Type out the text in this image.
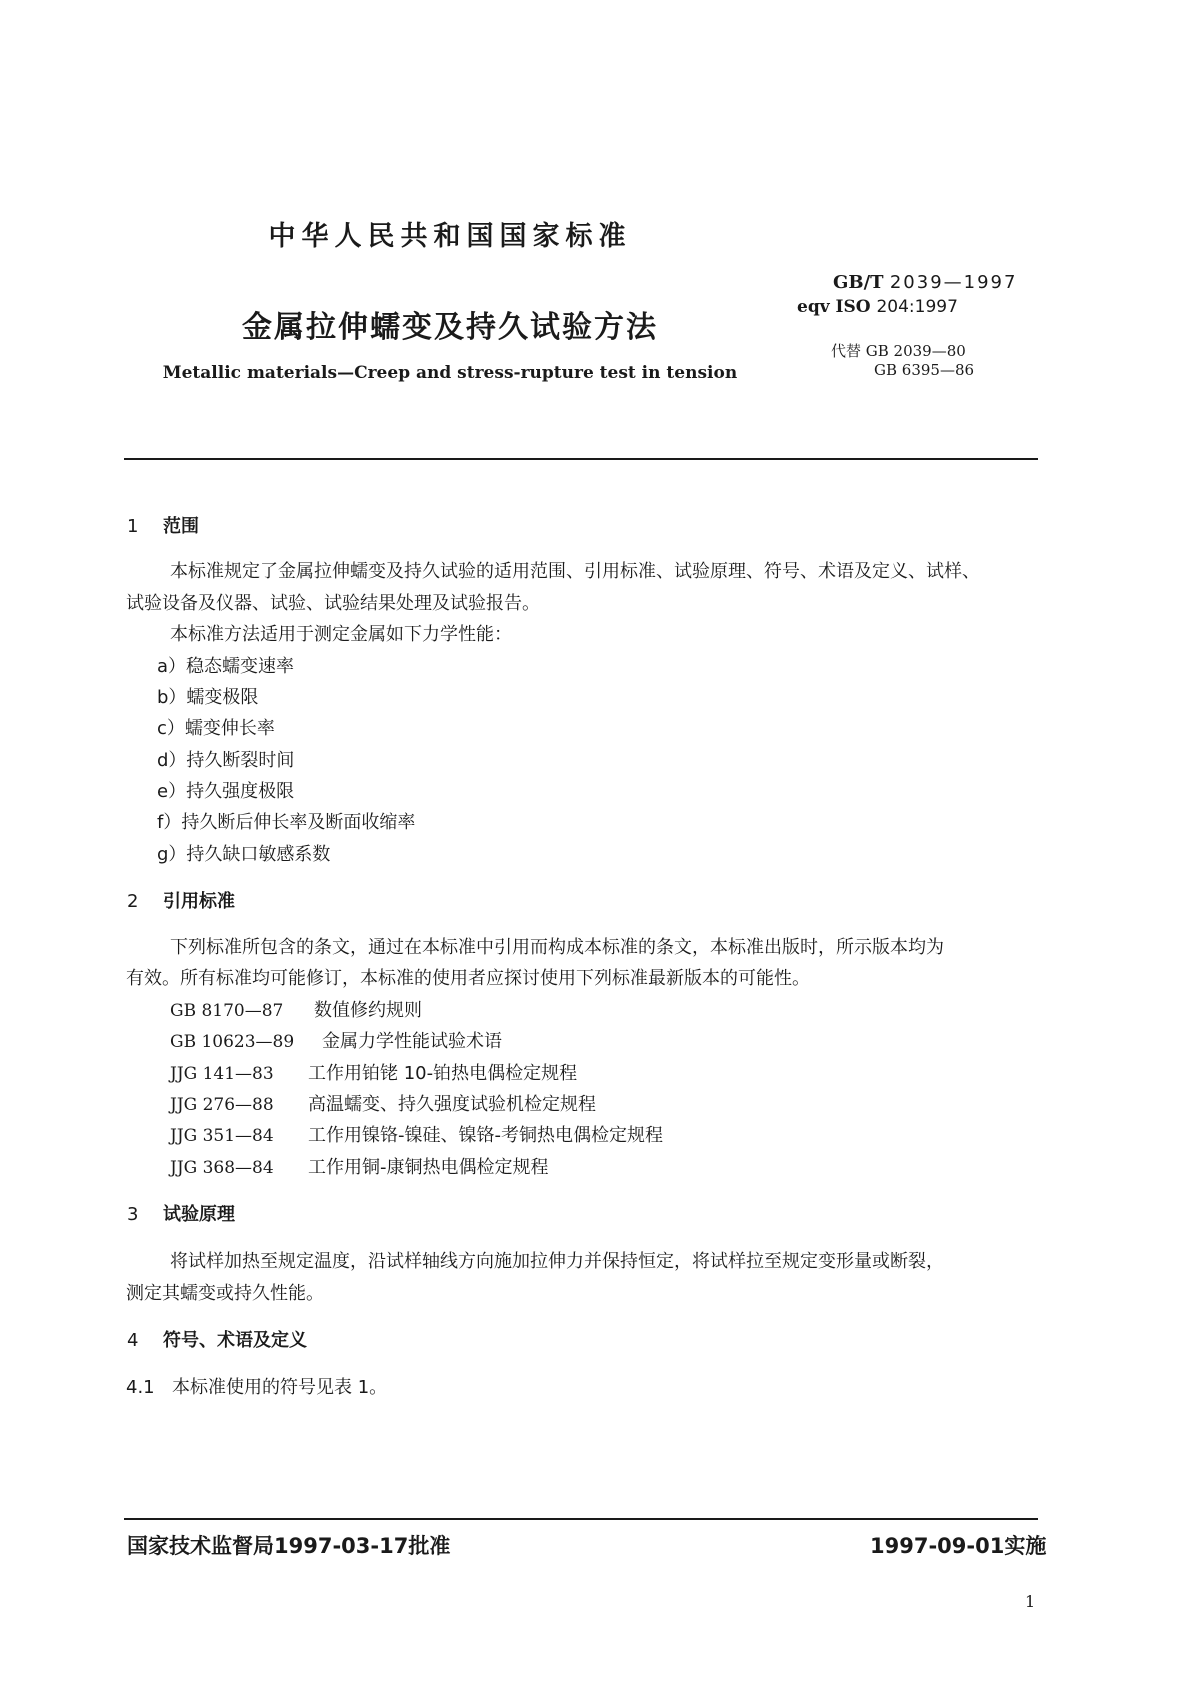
中华人民共和国国家标准
金属拉伸蠕变及持久试验方法
Metallic materials—Creep and stress-rupture test in tension
GB/T 2039—1997
eqv ISO 204:1997
代替 GB 2039—80
GB 6395—86
1 范围
本标准规定了金属拉伸蠕变及持久试验的适用范围、引用标准、试验原理、符号、术语及定义、试样、
试验设备及仪器、试验、试验结果处理及试验报告。
本标准方法适用于测定金属如下力学性能：
a）稳态蠕变速率
b）蠕变极限
c）蠕变伸长率
d）持久断裂时间
e）持久强度极限
f）持久断后伸长率及断面收缩率
g）持久缺口敏感系数
2 引用标准
下列标准所包含的条文，通过在本标准中引用而构成本标准的条文，本标准出版时，所示版本均为
有效。所有标准均可能修订，本标准的使用者应探讨使用下列标准最新版本的可能性。
GB 8170—87 数值修约规则
GB 10623—89 金属力学性能试验术语
JJG 141—83 工作用铂铑 10-铂热电偶检定规程
JJG 276—88 高温蠕变、持久强度试验机检定规程
JJG 351—84 工作用镍铬-镍硅、镍铬-考铜热电偶检定规程
JJG 368—84 工作用铜-康铜热电偶检定规程
3 试验原理
将试样加热至规定温度，沿试样轴线方向施加拉伸力并保持恒定，将试样拉至规定变形量或断裂，
测定其蠕变或持久性能。
4 符号、术语及定义
4.1 本标准使用的符号见表 1。
国家技术监督局1997-03-17批准	1997-09-01实施
1
